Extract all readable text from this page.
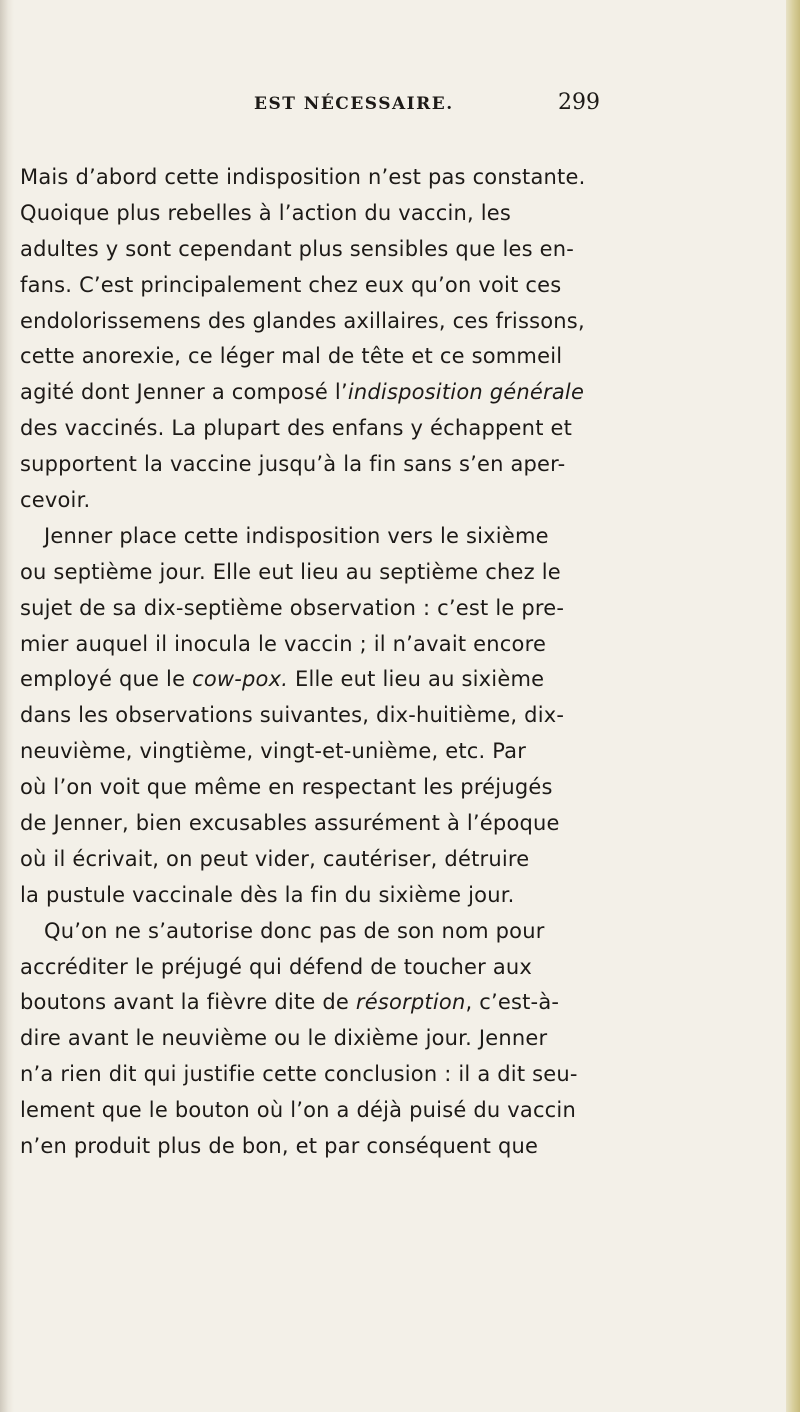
EST NÉCESSAIRE.	299
Mais d’abord cette indisposition n’est pas constante.
Quoique plus rebelles à l’action du vaccin, les
adultes y sont cependant plus sensibles que les en-
fans. C’est principalement chez eux qu’on voit ces
endolorissemens des glandes axillaires, ces frissons,
cette anorexie, ce léger mal de tête et ce sommeil
agité dont Jenner a composé l’indisposition générale
des vaccinés. La plupart des enfans y échappent et
supportent la vaccine jusqu’à la fin sans s’en aper-
cevoir.
Jenner place cette indisposition vers le sixième
ou septième jour. Elle eut lieu au septième chez le
sujet de sa dix-septième observation : c’est le pre-
mier auquel il inocula le vaccin ; il n’avait encore
employé que le cow-pox. Elle eut lieu au sixième
dans les observations suivantes, dix-huitième, dix-
neuvième, vingtième, vingt-et-unième, etc. Par
où l’on voit que même en respectant les préjugés
de Jenner, bien excusables assurément à l’époque
où il écrivait, on peut vider, cautériser, détruire
la pustule vaccinale dès la fin du sixième jour.
Qu’on ne s’autorise donc pas de son nom pour
accréditer le préjugé qui défend de toucher aux
boutons avant la fièvre dite de résorption, c’est-à-
dire avant le neuvième ou le dixième jour. Jenner
n’a rien dit qui justifie cette conclusion : il a dit seu-
lement que le bouton où l’on a déjà puisé du vaccin
n’en produit plus de bon, et par conséquent que
